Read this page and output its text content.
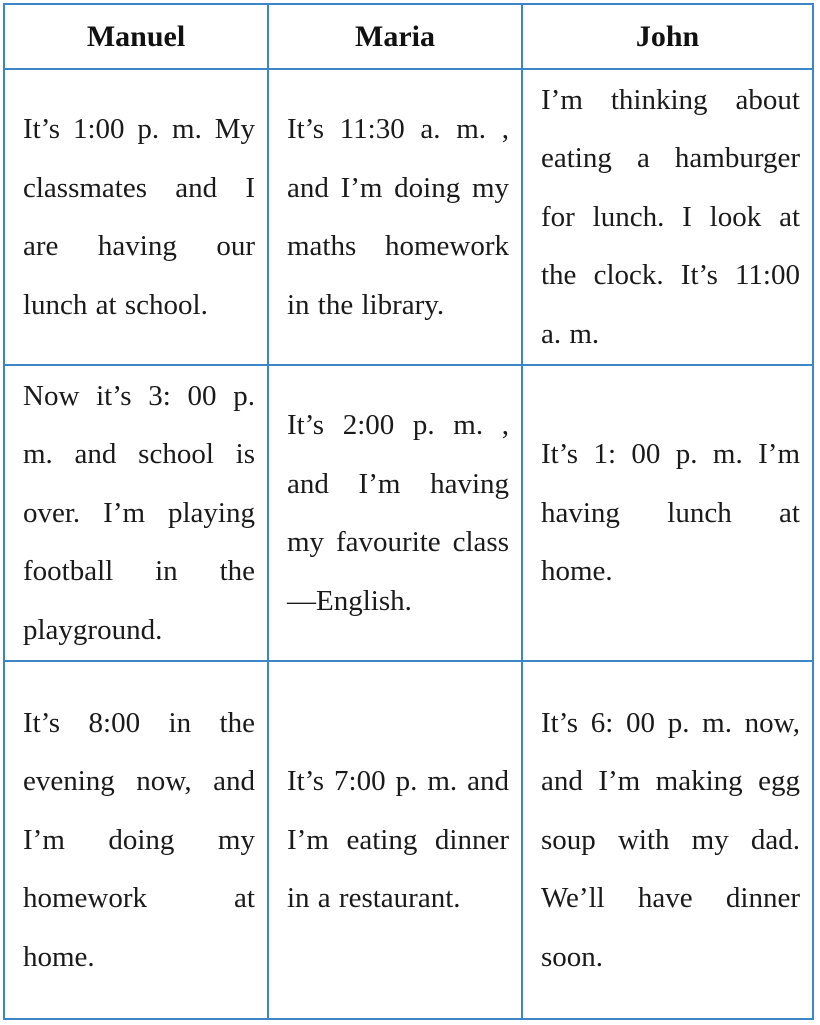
Manuel	Maria	John

It’s 1:00 p. m. My classmates and I are having our lunch at school.	It’s 11:30 a. m. , and I’m doing my maths homework in the library.	I’m thinking about eating a hamburger for lunch. I look at the clock. It’s 11:00 a. m.

Now it’s 3: 00 p. m. and school is over. I’m playing football in the playground.	It’s 2:00 p. m. , and I’m having my favourite class—English.	It’s 1: 00 p. m. I’m having lunch at home.

It’s 8:00 in the evening now, and I’m doing my homework at home.	It’s 7:00 p. m. and I’m eating dinner in a restaurant.	It’s 6: 00 p. m. now, and I’m making egg soup with my dad. We’ll have dinner soon.
